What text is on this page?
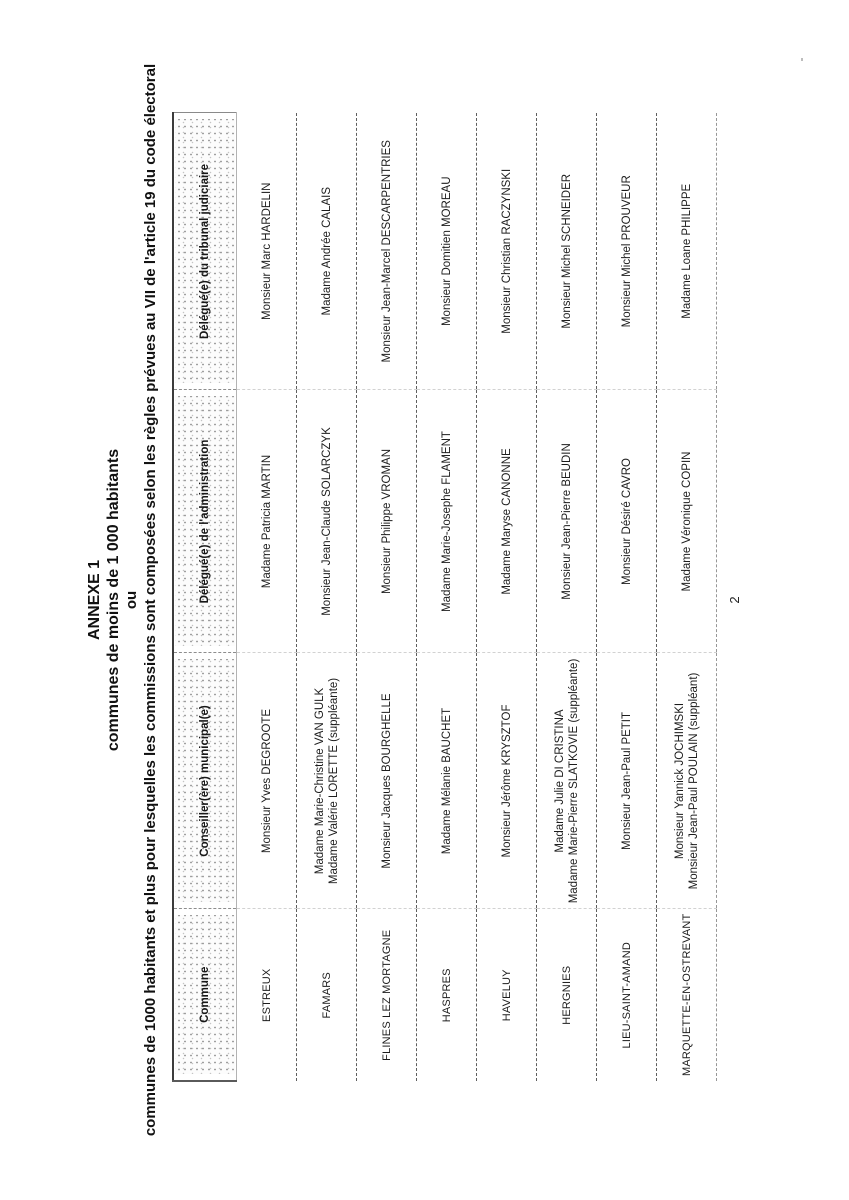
ANNEXE 1 communes de moins de 1 000 habitants ou communes de 1000 habitants et plus pour lesquelles les commissions sont composées selon les règles prévues au VII de l'article 19 du code électoral	Commune	Conseiller(ère) municipal(e)	Délégué(e) de l'administration	Délégué(e) du tribunal judiciaire

ESTREUX	Monsieur Yves DEGROOTE	Madame Patricia MARTIN	Monsieur Marc HARDELIN

FAMARS	Madame Marie-Christine VAN GULK Madame Valérie LORETTE (suppléante)	Monsieur Jean-Claude SOLARCZYK	Madame Andrée CALAIS

FLINES LEZ MORTAGNE	Monsieur Jacques BOURGHELLE	Monsieur Philippe VROMAN	Monsieur Jean-Marcel DESCARPENTRIES

HASPRES	Madame Mélanie BAUCHET	Madame Marie-Josephe FLAMENT	Monsieur Domitien MOREAU

HAVELUY	Monsieur Jérôme KRYSZTOF	Madame Maryse CANONNE	Monsieur Christian RACZYNSKI

HERGNIES	Madame Julie DI CRISTINA Madame Marie-Pierre SLATKOVIE (suppléante)	Monsieur Jean-Pierre BEUDIN	Monsieur Michel SCHNEIDER

LIEU-SAINT-AMAND	Monsieur Jean-Paul PETIT	Monsieur Désiré CAVRO	Monsieur Michel PROUVEUR

MARQUETTE-EN-OSTREVANT	Monsieur Yannick JOCHIMSKI Monsieur Jean-Paul POULAIN (suppléant)	Madame Véronique COPIN	Madame Loane PHILIPPE
2
